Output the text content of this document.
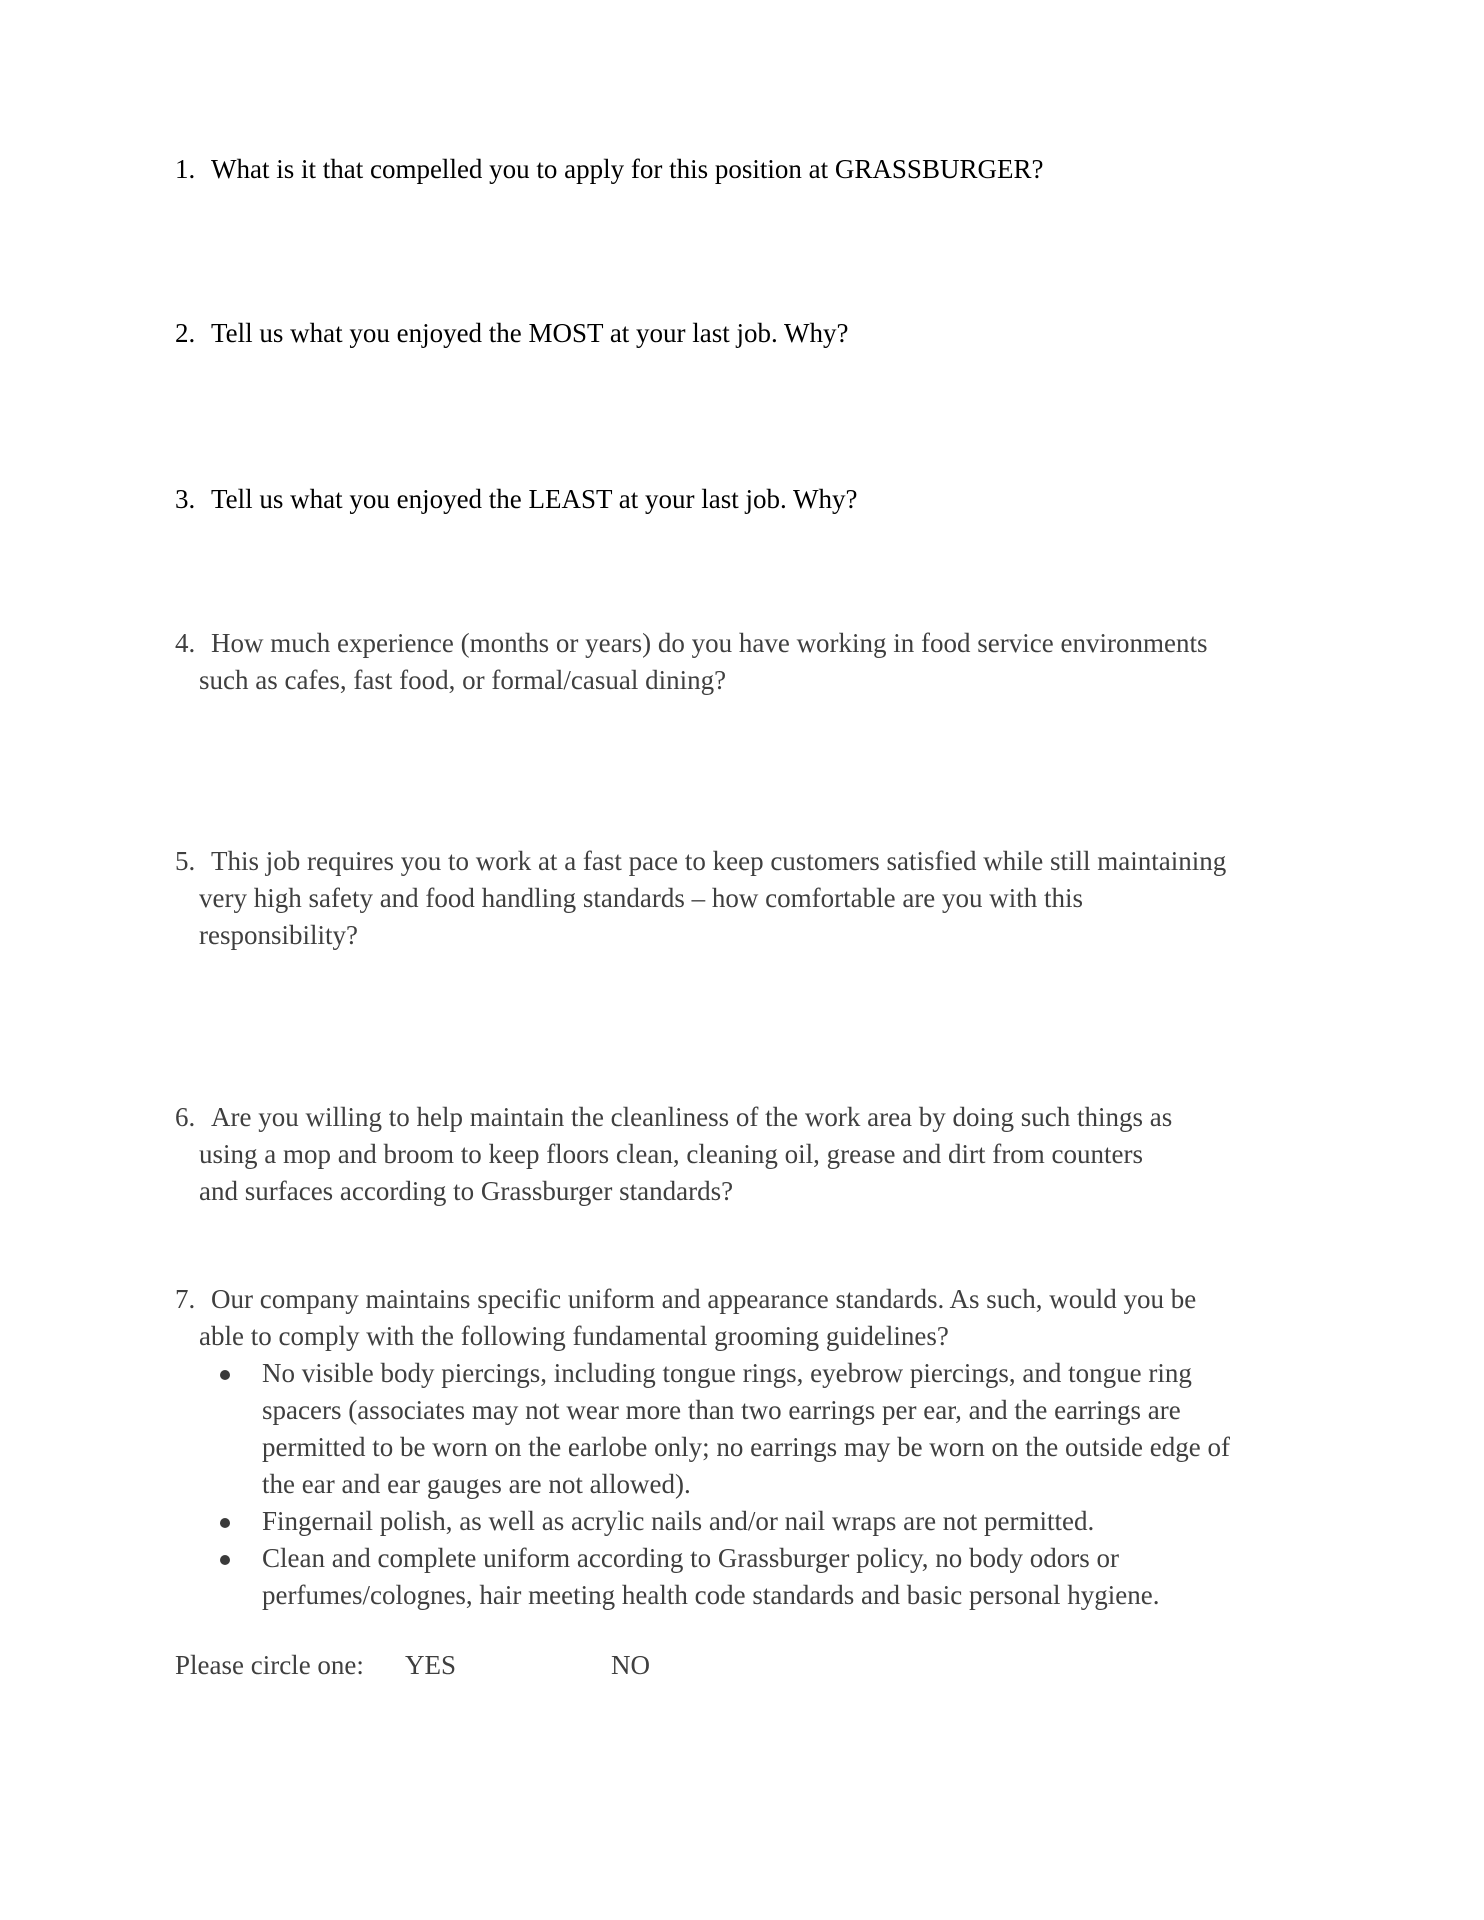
1. What is it that compelled you to apply for this position at GRASSBURGER?
2. Tell us what you enjoyed the MOST at your last job. Why?
3. Tell us what you enjoyed the LEAST at your last job. Why?
4. How much experience (months or years) do you have working in food service environments
such as cafes, fast food, or formal/casual dining?
5. This job requires you to work at a fast pace to keep customers satisfied while still maintaining
very high safety and food handling standards – how comfortable are you with this
responsibility?
6. Are you willing to help maintain the cleanliness of the work area by doing such things as
using a mop and broom to keep floors clean, cleaning oil, grease and dirt from counters
and surfaces according to Grassburger standards?
7. Our company maintains specific uniform and appearance standards. As such, would you be
able to comply with the following fundamental grooming guidelines?
No visible body piercings, including tongue rings, eyebrow piercings, and tongue ring
spacers (associates may not wear more than two earrings per ear, and the earrings are
permitted to be worn on the earlobe only; no earrings may be worn on the outside edge of
the ear and ear gauges are not allowed).
Fingernail polish, as well as acrylic nails and/or nail wraps are not permitted.
Clean and complete uniform according to Grassburger policy, no body odors or
perfumes/colognes, hair meeting health code standards and basic personal hygiene.
Please circle one: YES	NO
